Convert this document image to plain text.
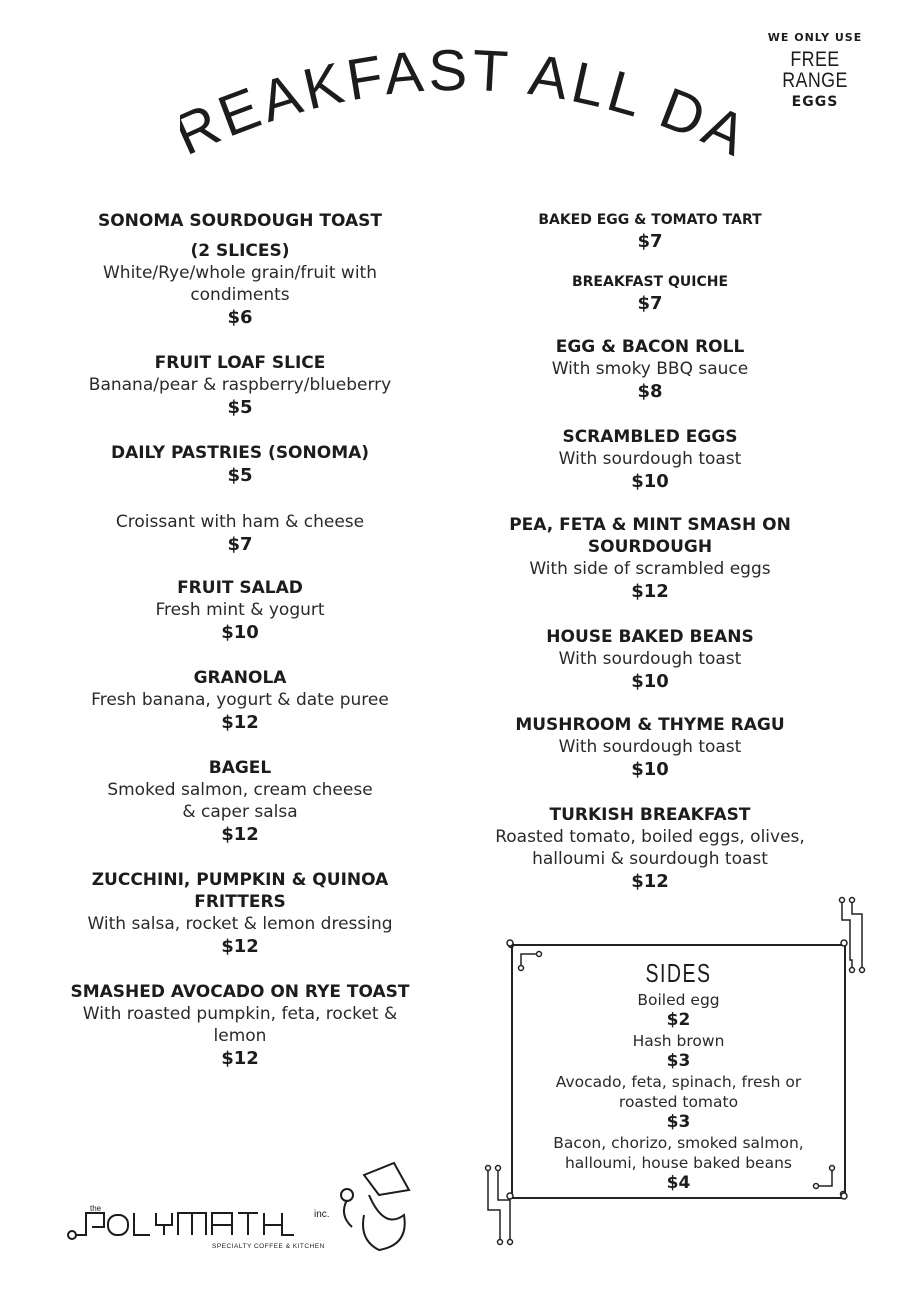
EAKFAST ALL D
WE ONLY USE
FREE RANGE
EGGS
SONOMA SOURDOUGH TOAST
(2 SLICES)
White/Rye/whole grain/fruit with
condiments
$6
FRUIT LOAF SLICE
Banana/pear & raspberry/blueberry
$5
DAILY PASTRIES (SONOMA)
$5
Croissant with ham & cheese
$7
FRUIT SALAD
Fresh mint & yogurt
$10
GRANOLA
Fresh banana, yogurt & date puree
$12
BAGEL
Smoked salmon, cream cheese
& caper salsa
$12
ZUCCHINI, PUMPKIN & QUINOA
FRITTERS
With salsa, rocket & lemon dressing
$12
SMASHED AVOCADO ON RYE TOAST
With roasted pumpkin, feta, rocket &
lemon
$12
BAKED EGG & TOMATO TART
$7
BREAKFAST QUICHE
$7
EGG & BACON ROLL
With smoky BBQ sauce
$8
SCRAMBLED EGGS
With sourdough toast
$10
PEA, FETA & MINT SMASH ON
SOURDOUGH
With side of scrambled eggs
$12
HOUSE BAKED BEANS
With sourdough toast
$10
MUSHROOM & THYME RAGU
With sourdough toast
$10
TURKISH BREAKFAST
Roasted tomato, boiled eggs, olives,
halloumi & sourdough toast
$12
SIDES
Boiled egg
$2
Hash brown
$3
Avocado, feta, spinach, fresh or
roasted tomato
$3
Bacon, chorizo, smoked salmon,
halloumi, house baked beans
$4
the
inc.
SPECIALTY COFFEE & KITCHEN
